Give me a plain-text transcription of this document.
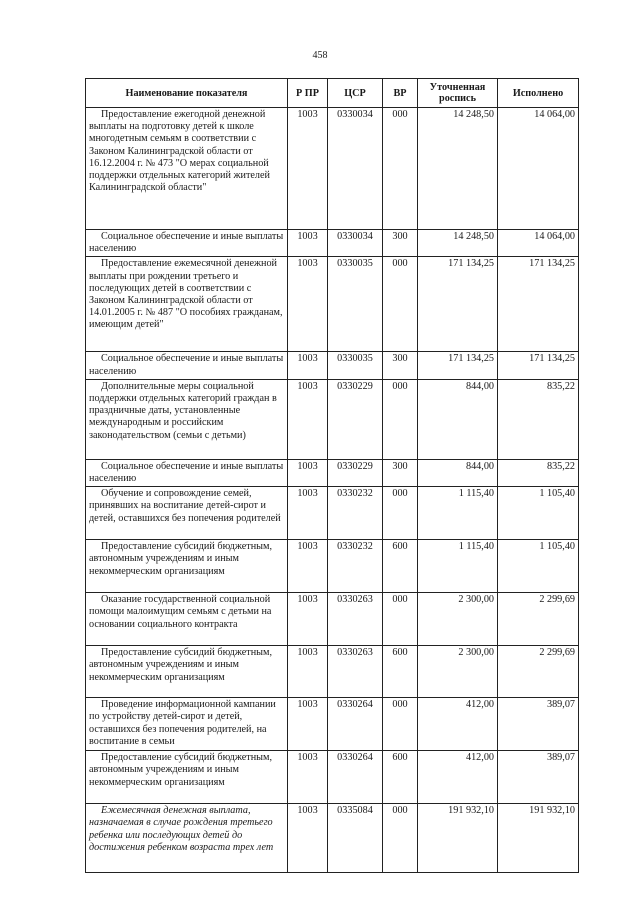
458
Наименование показателя	Р ПР	ЦСР	ВР	Уточненная роспись	Исполнено
Предоставление ежегодной денежной выплаты на подготовку детей к школе многодетным семьям в соответствии с Законом Калининградской области от 16.12.2004 г. № 473 "О мерах социальной поддержки отдельных категорий жителей Калининградской области"	1003	0330034	000	14 248,50	14 064,00
Социальное обеспечение и иные выплаты населению	1003	0330034	300	14 248,50	14 064,00
Предоставление ежемесячной денежной выплаты при рождении третьего и последующих детей в соответствии с Законом Калининградской области от 14.01.2005 г. № 487 "О пособиях гражданам, имеющим детей"	1003	0330035	000	171 134,25	171 134,25
Социальное обеспечение и иные выплаты населению	1003	0330035	300	171 134,25	171 134,25
Дополнительные меры социальной поддержки отдельных категорий граждан в праздничные даты, установленные международным и российским законодательством (семьи с детьми)	1003	0330229	000	844,00	835,22
Социальное обеспечение и иные выплаты населению	1003	0330229	300	844,00	835,22
Обучение и сопровождение семей, принявших на воспитание детей-сирот и детей, оставшихся без попечения родителей	1003	0330232	000	1 115,40	1 105,40
Предоставление субсидий бюджетным, автономным учреждениям и иным некоммерческим организациям	1003	0330232	600	1 115,40	1 105,40
Оказание государственной социальной помощи малоимущим семьям с детьми на основании социального контракта	1003	0330263	000	2 300,00	2 299,69
Предоставление субсидий бюджетным, автономным учреждениям и иным некоммерческим организациям	1003	0330263	600	2 300,00	2 299,69
Проведение информационной кампании по устройству детей-сирот и детей, оставшихся без попечения родителей, на воспитание в семьи	1003	0330264	000	412,00	389,07
Предоставление субсидий бюджетным, автономным учреждениям и иным некоммерческим организациям	1003	0330264	600	412,00	389,07
Ежемесячная денежная выплата, назначаемая в случае рождения третьего ребенка или последующих детей до достижения ребенком возраста трех лет	1003	0335084	000	191 932,10	191 932,10
